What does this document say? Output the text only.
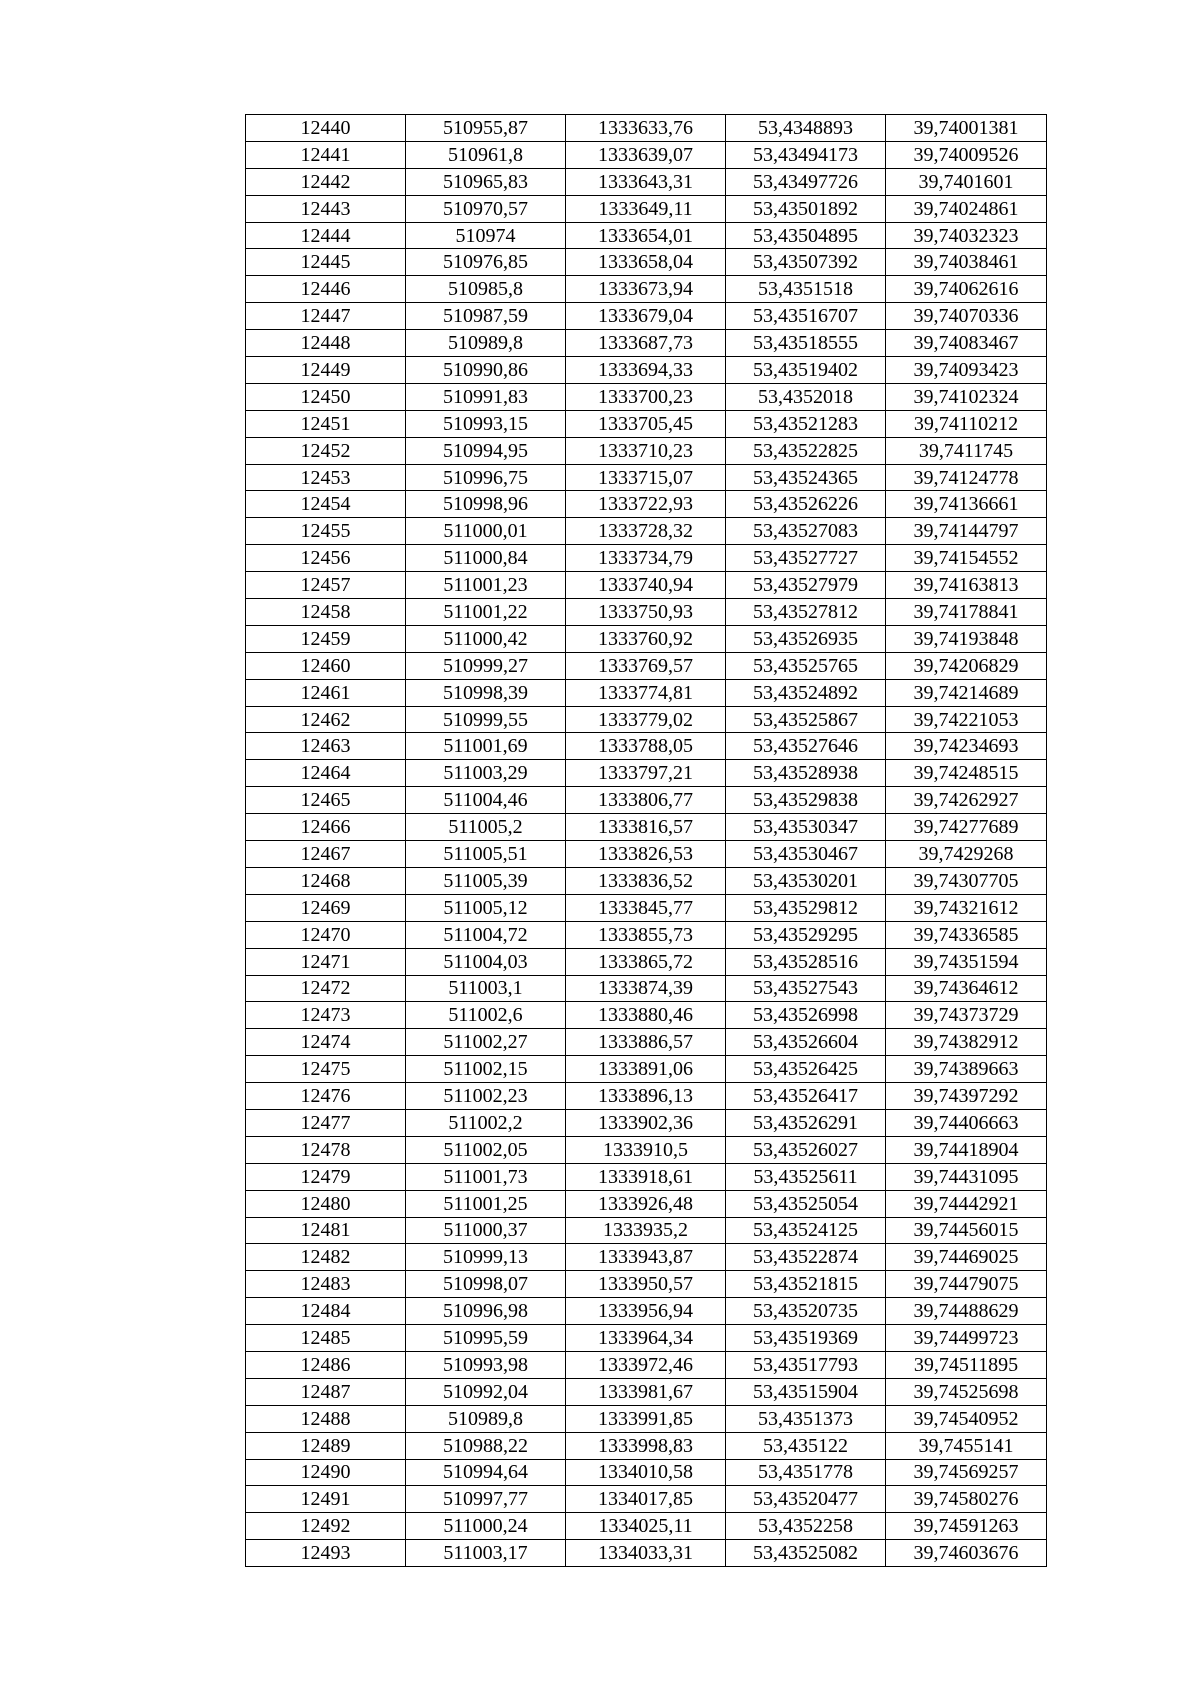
12440	510955,87	1333633,76	53,4348893	39,74001381
12441	510961,8	1333639,07	53,43494173	39,74009526
12442	510965,83	1333643,31	53,43497726	39,7401601
12443	510970,57	1333649,11	53,43501892	39,74024861
12444	510974	1333654,01	53,43504895	39,74032323
12445	510976,85	1333658,04	53,43507392	39,74038461
12446	510985,8	1333673,94	53,4351518	39,74062616
12447	510987,59	1333679,04	53,43516707	39,74070336
12448	510989,8	1333687,73	53,43518555	39,74083467
12449	510990,86	1333694,33	53,43519402	39,74093423
12450	510991,83	1333700,23	53,4352018	39,74102324
12451	510993,15	1333705,45	53,43521283	39,74110212
12452	510994,95	1333710,23	53,43522825	39,7411745
12453	510996,75	1333715,07	53,43524365	39,74124778
12454	510998,96	1333722,93	53,43526226	39,74136661
12455	511000,01	1333728,32	53,43527083	39,74144797
12456	511000,84	1333734,79	53,43527727	39,74154552
12457	511001,23	1333740,94	53,43527979	39,74163813
12458	511001,22	1333750,93	53,43527812	39,74178841
12459	511000,42	1333760,92	53,43526935	39,74193848
12460	510999,27	1333769,57	53,43525765	39,74206829
12461	510998,39	1333774,81	53,43524892	39,74214689
12462	510999,55	1333779,02	53,43525867	39,74221053
12463	511001,69	1333788,05	53,43527646	39,74234693
12464	511003,29	1333797,21	53,43528938	39,74248515
12465	511004,46	1333806,77	53,43529838	39,74262927
12466	511005,2	1333816,57	53,43530347	39,74277689
12467	511005,51	1333826,53	53,43530467	39,7429268
12468	511005,39	1333836,52	53,43530201	39,74307705
12469	511005,12	1333845,77	53,43529812	39,74321612
12470	511004,72	1333855,73	53,43529295	39,74336585
12471	511004,03	1333865,72	53,43528516	39,74351594
12472	511003,1	1333874,39	53,43527543	39,74364612
12473	511002,6	1333880,46	53,43526998	39,74373729
12474	511002,27	1333886,57	53,43526604	39,74382912
12475	511002,15	1333891,06	53,43526425	39,74389663
12476	511002,23	1333896,13	53,43526417	39,74397292
12477	511002,2	1333902,36	53,43526291	39,74406663
12478	511002,05	1333910,5	53,43526027	39,74418904
12479	511001,73	1333918,61	53,43525611	39,74431095
12480	511001,25	1333926,48	53,43525054	39,74442921
12481	511000,37	1333935,2	53,43524125	39,74456015
12482	510999,13	1333943,87	53,43522874	39,74469025
12483	510998,07	1333950,57	53,43521815	39,74479075
12484	510996,98	1333956,94	53,43520735	39,74488629
12485	510995,59	1333964,34	53,43519369	39,74499723
12486	510993,98	1333972,46	53,43517793	39,74511895
12487	510992,04	1333981,67	53,43515904	39,74525698
12488	510989,8	1333991,85	53,4351373	39,74540952
12489	510988,22	1333998,83	53,435122	39,7455141
12490	510994,64	1334010,58	53,4351778	39,74569257
12491	510997,77	1334017,85	53,43520477	39,74580276
12492	511000,24	1334025,11	53,4352258	39,74591263
12493	511003,17	1334033,31	53,43525082	39,74603676
